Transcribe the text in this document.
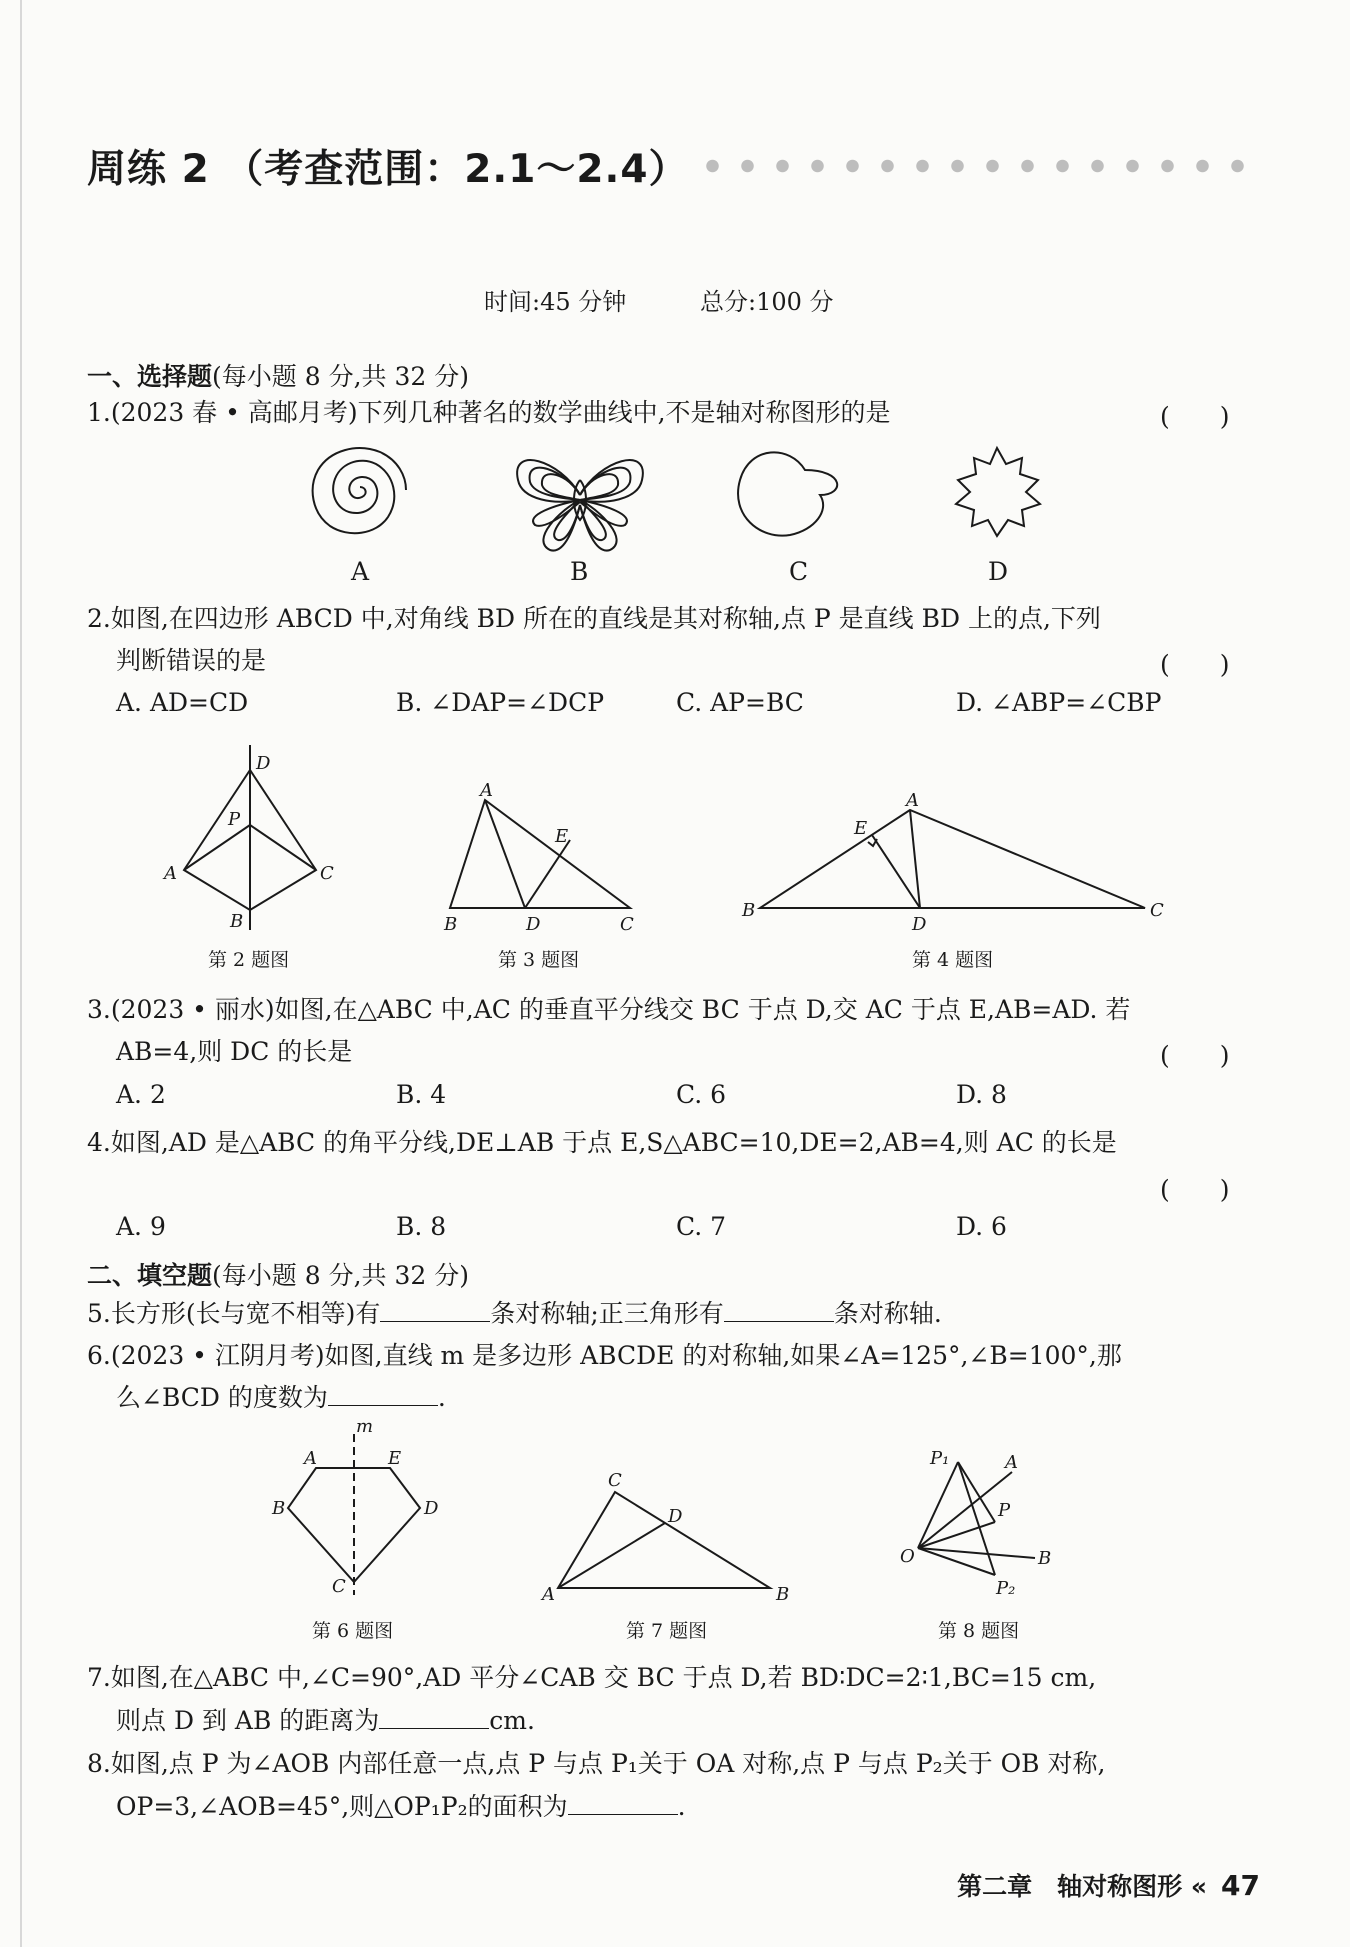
周练 2 （考查范围：2.1～2.4）
时间:45 分钟	总分:100 分
一、选择题(每小题 8 分,共 32 分)
1.(2023 春 • 高邮月考)下列几种著名的数学曲线中,不是轴对称图形的是	(　　)
A	B	C	D
2.如图,在四边形 ABCD 中,对角线 BD 所在的直线是其对称轴,点 P 是直线 BD 上的点,下列
判断错误的是	(　　)
A. AD=CD	B. ∠DAP=∠DCP	C. AP=BC	D. ∠ABP=∠CBP
D
P
A	C
B
A
E
B	D	C
A
E
B
D
C
第 2 题图	第 3 题图	第 4 题图
3.(2023 • 丽水)如图,在△ABC 中,AC 的垂直平分线交 BC 于点 D,交 AC 于点 E,AB=AD. 若
AB=4,则 DC 的长是	(　　)
A. 2	B. 4	C. 6	D. 8
4.如图,AD 是△ABC 的角平分线,DE⊥AB 于点 E,S△ABC=10,DE=2,AB=4,则 AC 的长是
(　　)
A. 9	B. 8	C. 7	D. 6
二、填空题(每小题 8 分,共 32 分)
5.长方形(长与宽不相等)有	条对称轴;正三角形有	条对称轴.
6.(2023 • 江阴月考)如图,直线 m 是多边形 ABCDE 的对称轴,如果∠A=125°,∠B=100°,那
么∠BCD 的度数为	.
m
A	E
B	D
C
C
D
A	B
P₁	A
P
B
O
P₂
第 6 题图	第 7 题图	第 8 题图
7.如图,在△ABC 中,∠C=90°,AD 平分∠CAB 交 BC 于点 D,若 BD∶DC=2∶1,BC=15 cm,
则点 D 到 AB 的距离为	cm.
8.如图,点 P 为∠AOB 内部任意一点,点 P 与点 P₁关于 OA 对称,点 P 与点 P₂关于 OB 对称,
OP=3,∠AOB=45°,则△OP₁P₂的面积为	.
第二章　轴对称图形 « 47
